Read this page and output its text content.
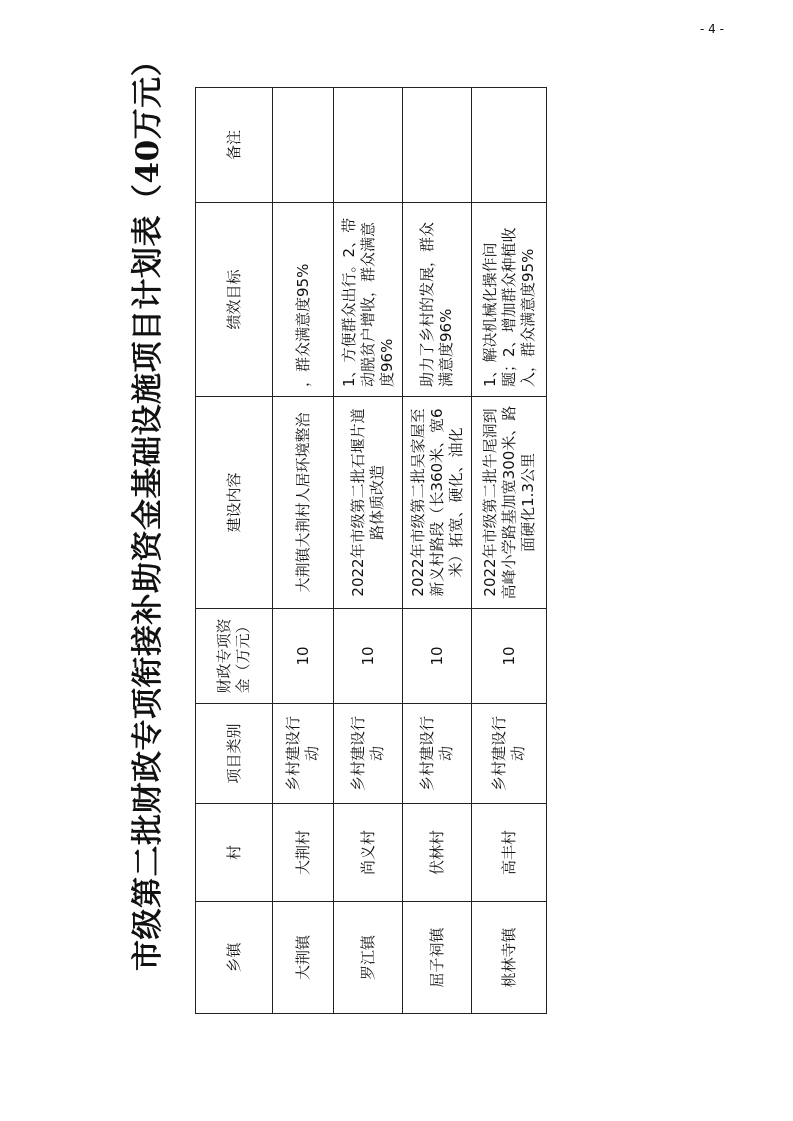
市级第二批财政专项衔接补助资金基础设施项目计划表（40万元）	乡镇	村	项目类别	财政专项资金（万元）	建设内容	绩效目标	备注
大荆镇	大荆村	乡村建设行动	10	大荆镇大荆村人居环境整治	，群众满意度95%	
罗江镇	尚义村	乡村建设行动	10	2022年市级第二批石堰片道路体质改造	1、方便群众出行。2、带动脱贫户增收，群众满意度96%	
屈子祠镇	伏林村	乡村建设行动	10	2022年市级第二批吴家屋至新义村路段（长360米、宽6米）拓宽、硬化、油化	助力了乡村的发展，群众满意度96%	
桃林寺镇	高丰村	乡村建设行动	10	2022年市级第二批牛尾洞到高峰小学路基加宽300米、路面硬化1.3公里	1、解决机械化操作问题；2、增加群众种植收入，群众满意度95%	
- 4 -
